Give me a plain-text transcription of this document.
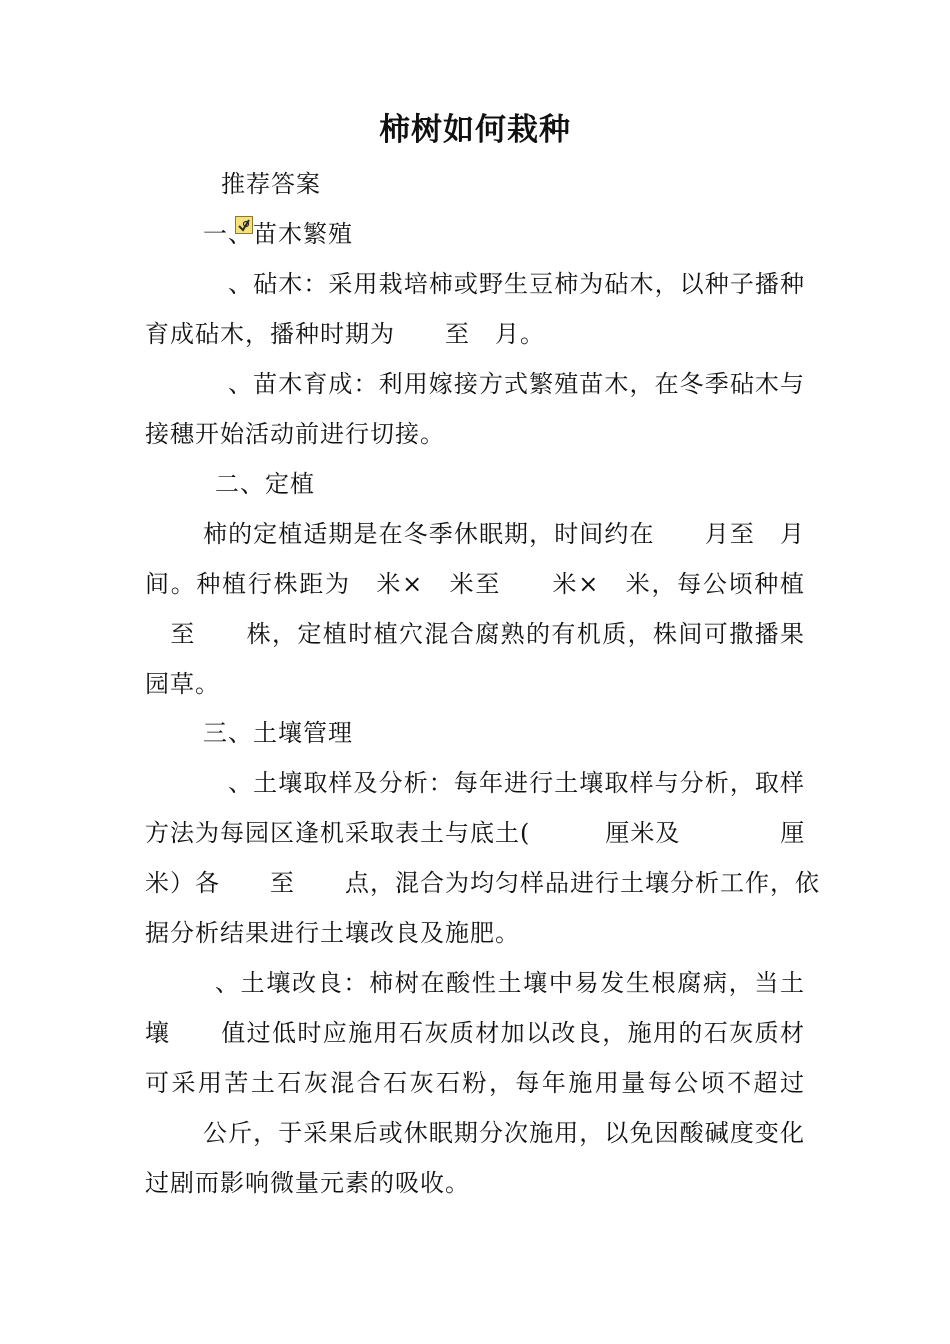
柿树如何栽种

推荐答案
一、苗木繁殖
　、砧木：采用栽培柿或野生豆柿为砧木，以种子播种
育成砧木，播种时期为　　至　月。
　、苗木育成：利用嫁接方式繁殖苗木，在冬季砧木与
接穗开始活动前进行切接。
二、定植
柿的定植适期是在冬季休眠期，时间约在　　月至　月
间。种植行株距为　米×　米至　　米×　米，每公顷种植
　至　　株，定植时植穴混合腐熟的有机质，株间可撒播果
园草。
三、土壤管理
　、土壤取样及分析：每年进行土壤取样与分析，取样
方法为每园区逢机采取表土与底土(　　　厘米及　　　　厘
米）各　　至　　点，混合为均匀样品进行土壤分析工作，依
据分析结果进行土壤改良及施肥。
、土壤改良：柿树在酸性土壤中易发生根腐病，当土
壤　　值过低时应施用石灰质材加以改良，施用的石灰质材
可采用苦土石灰混合石灰石粉，每年施用量每公顷不超过
公斤，于采果后或休眠期分次施用，以免因酸碱度变化
过剧而影响微量元素的吸收。
